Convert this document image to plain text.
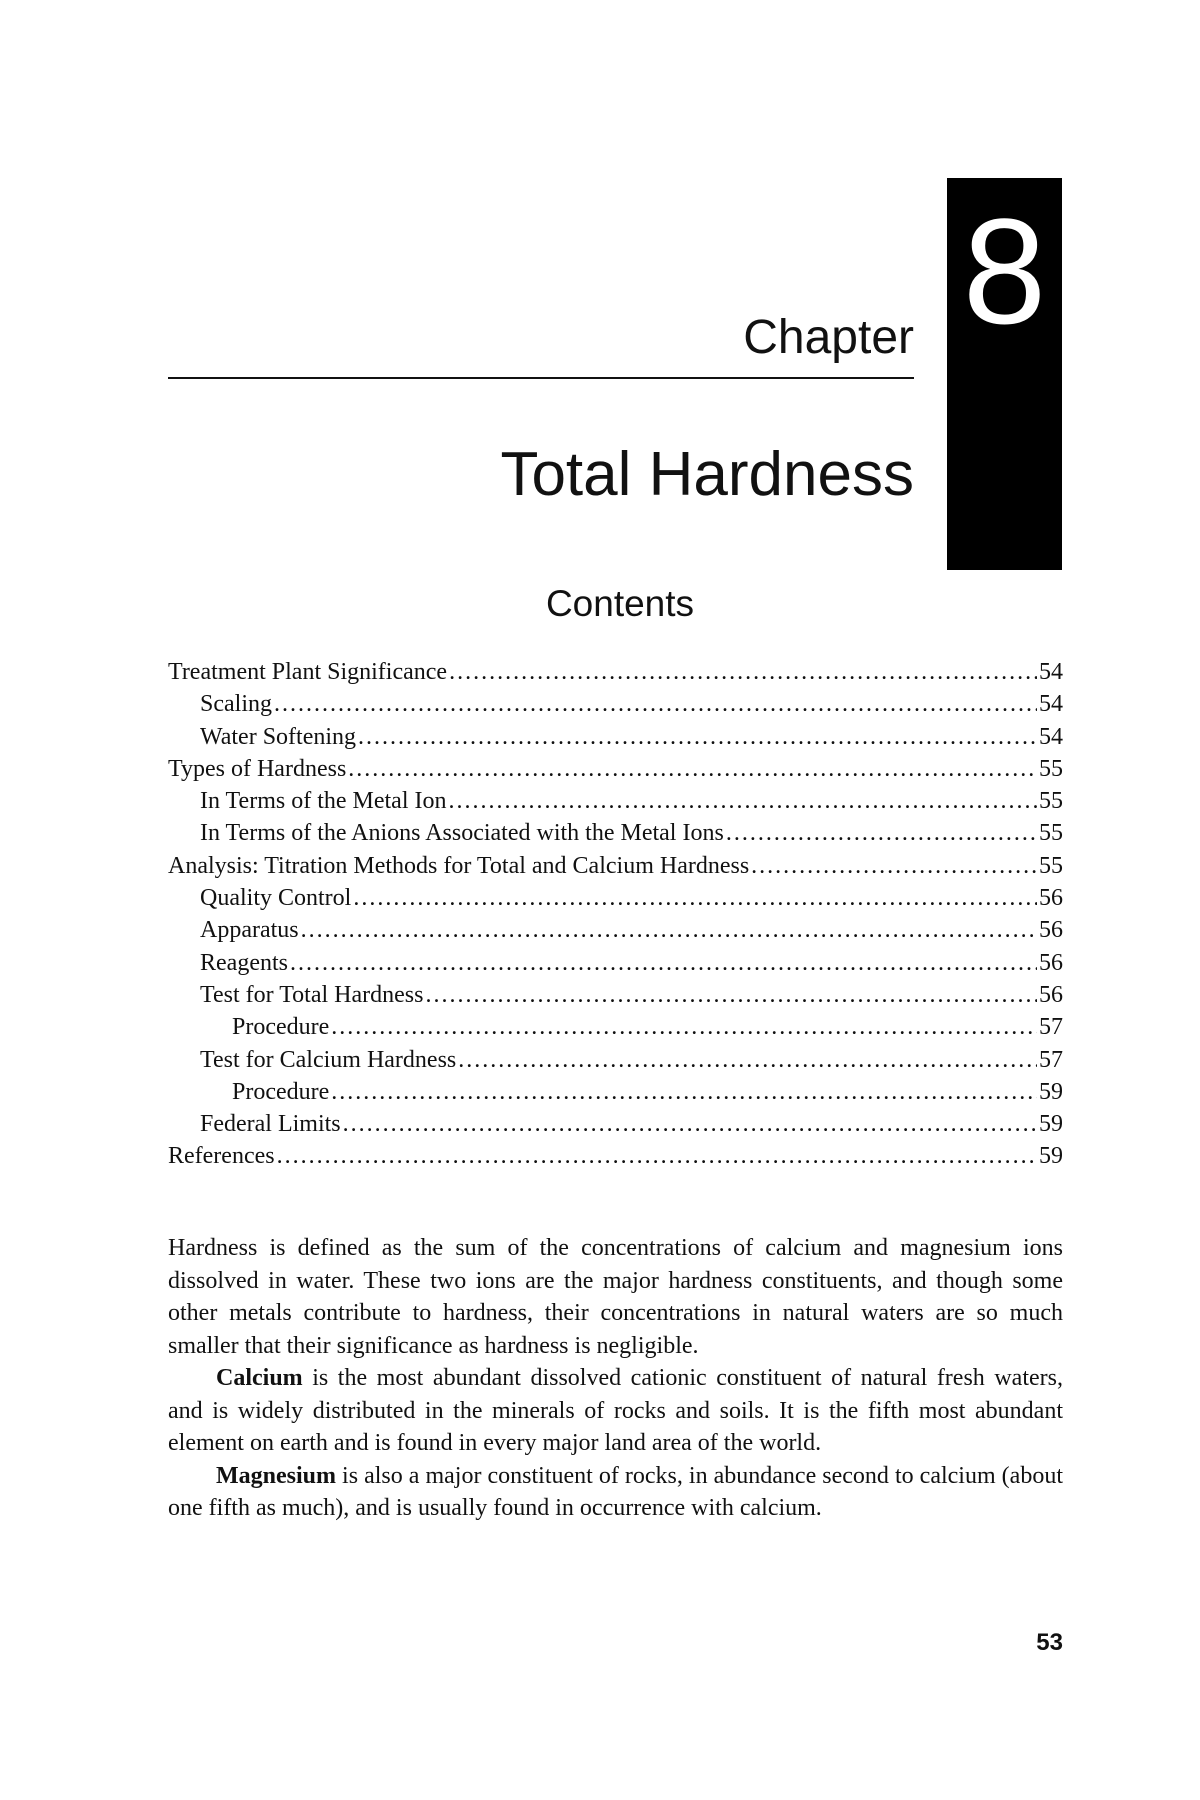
8
Chapter
Total Hardness
Contents
Treatment Plant Significance .....	54
Scaling .....	54
Water Softening .....	54
Types of Hardness .....	55
In Terms of the Metal Ion .....	55
In Terms of the Anions Associated with the Metal Ions .....	55
Analysis: Titration Methods for Total and Calcium Hardness .....	55
Quality Control .....	56
Apparatus .....	56
Reagents .....	56
Test for Total Hardness .....	56
Procedure .....	57
Test for Calcium Hardness .....	57
Procedure .....	59
Federal Limits .....	59
References .....	59

Hardness is defined as the sum of the concentrations of calcium and magnesium ions dissolved in water. These two ions are the major hardness constituents, and though some other metals contribute to hardness, their concentrations in natural waters are so much smaller that their significance as hardness is negligible.

Calcium is the most abundant dissolved cationic constituent of natural fresh waters, and is widely distributed in the minerals of rocks and soils. It is the fifth most abundant element on earth and is found in every major land area of the world.

Magnesium is also a major constituent of rocks, in abundance second to calcium (about one fifth as much), and is usually found in occurrence with calcium.

53
